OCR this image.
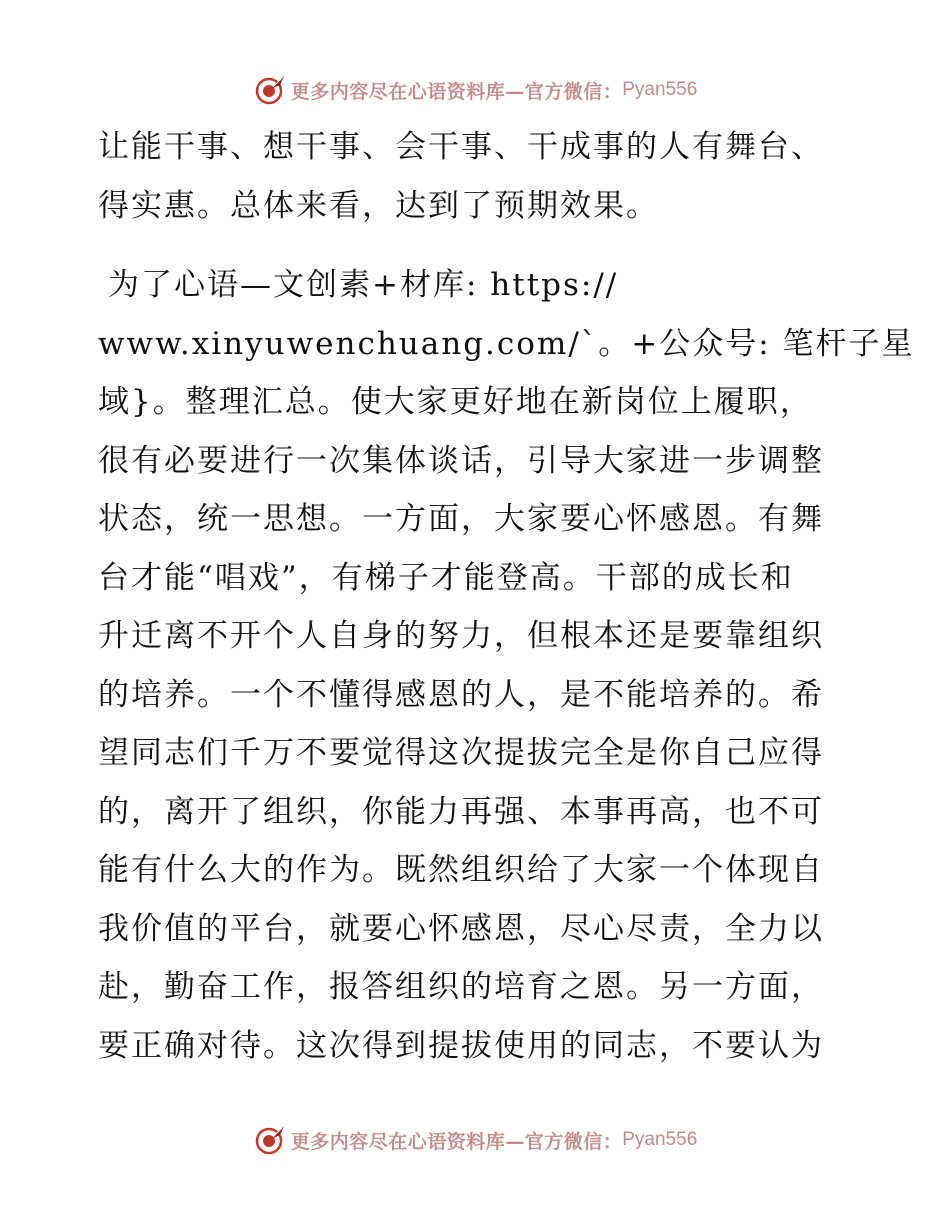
更多内容尽在心语资料库—官方微信： Pyan556
让能干事、想干事、会干事、干成事的人有舞台、
得实惠。总体来看，达到了预期效果。
为了心语—文创素+材库: https://
www.xinyuwenchuang.com/`。+公众号: 笔杆子星
域}。整理汇总。使大家更好地在新岗位上履职，
很有必要进行一次集体谈话，引导大家进一步调整
状态，统一思想。一方面，大家要心怀感恩。有舞
台才能“唱戏”，有梯子才能登高。干部的成长和
升迁离不开个人自身的努力，但根本还是要靠组织
的培养。一个不懂得感恩的人，是不能培养的。希
望同志们千万不要觉得这次提拔完全是你自己应得
的，离开了组织，你能力再强、本事再高，也不可
能有什么大的作为。既然组织给了大家一个体现自
我价值的平台，就要心怀感恩，尽心尽责，全力以
赴，勤奋工作，报答组织的培育之恩。另一方面，
要正确对待。这次得到提拔使用的同志，不要认为
更多内容尽在心语资料库—官方微信： Pyan556
